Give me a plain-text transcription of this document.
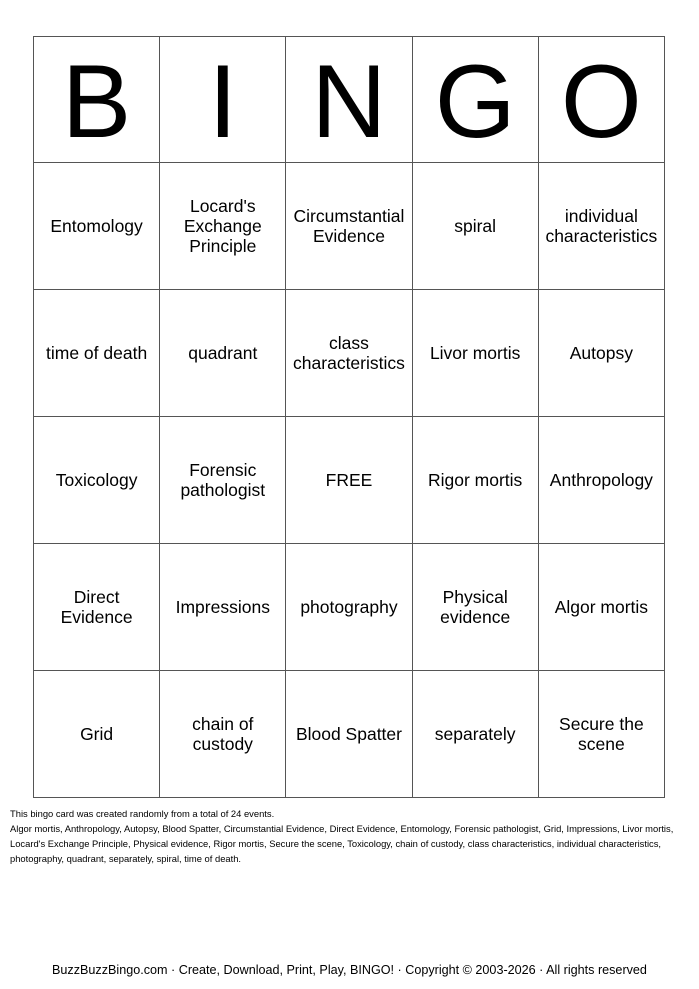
B	I	N	G	O
Entomology	Locard's Exchange Principle	Circumstantial Evidence	spiral	individual characteristics
time of death	quadrant	class characteristics	Livor mortis	Autopsy
Toxicology	Forensic pathologist	FREE	Rigor mortis	Anthropology
Direct Evidence	Impressions	photography	Physical evidence	Algor mortis
Grid	chain of custody	Blood Spatter	separately	Secure the scene
This bingo card was created randomly from a total of 24 events.
Algor mortis, Anthropology, Autopsy, Blood Spatter, Circumstantial Evidence, Direct Evidence, Entomology, Forensic pathologist, Grid, Impressions, Livor mortis, Locard's Exchange Principle, Physical evidence, Rigor mortis, Secure the scene, Toxicology, chain of custody, class characteristics, individual characteristics, photography, quadrant, separately, spiral, time of death.
BuzzBuzzBingo.com · Create, Download, Print, Play, BINGO! · Copyright © 2003-2026 · All rights reserved
